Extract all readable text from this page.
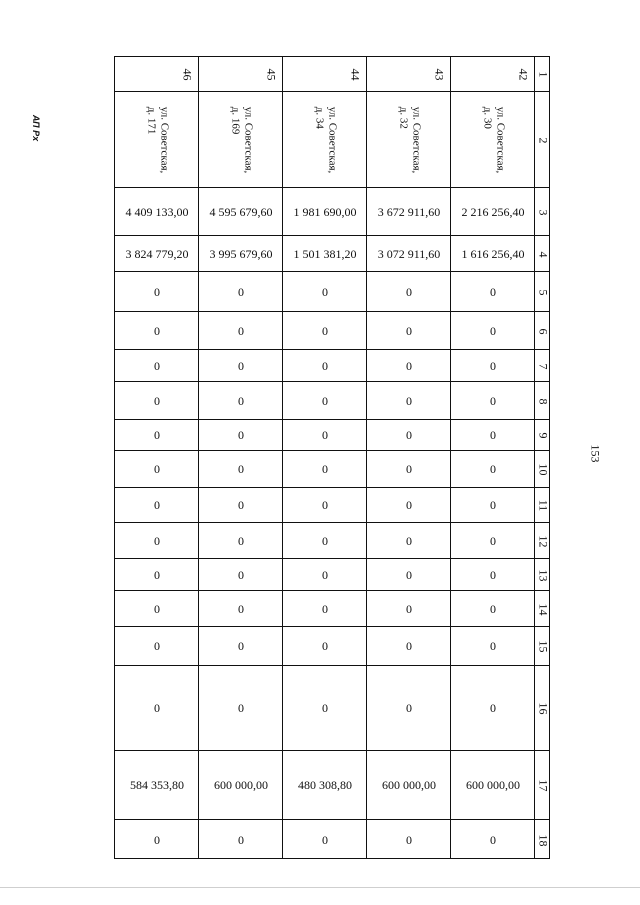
АП Рх
153
1
2
3
4
5
6
7
8
9
10
11
12
13
14
15
16
17
18
42
ул. Советская,
д. 30
2 216 256,40
1 616 256,40
0
0
0
0
0
0
0
0
0
0
0
0
600 000,00
0
43
ул. Советская,
д. 32
3 672 911,60
3 072 911,60
0
0
0
0
0
0
0
0
0
0
0
0
600 000,00
0
44
ул. Советская,
д. 34
1 981 690,00
1 501 381,20
0
0
0
0
0
0
0
0
0
0
0
0
480 308,80
0
45
ул. Советская,
д. 169
4 595 679,60
3 995 679,60
0
0
0
0
0
0
0
0
0
0
0
0
600 000,00
0
46
ул. Советская,
д. 171
4 409 133,00
3 824 779,20
0
0
0
0
0
0
0
0
0
0
0
0
584 353,80
0
